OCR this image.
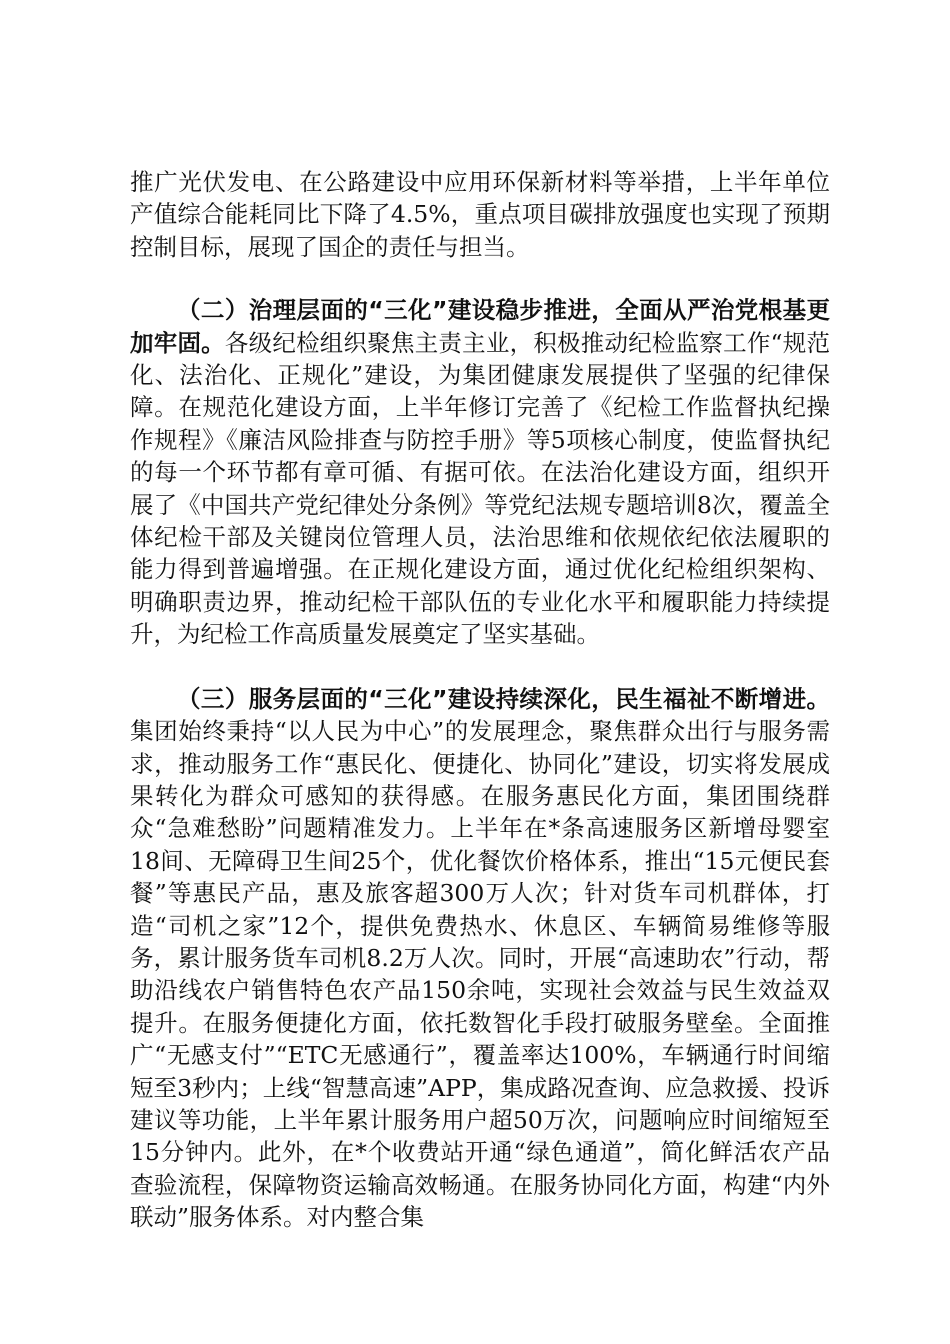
推广光伏发电、在公路建设中应用环保新材料等举措，上半年单位产值综合能耗同比下降了4.5%，重点项目碳排放强度也实现了预期控制目标，展现了国企的责任与担当。

（二）治理层面的“三化”建设稳步推进，全面从严治党根基更加牢固。各级纪检组织聚焦主责主业，积极推动纪检监察工作“规范化、法治化、正规化”建设，为集团健康发展提供了坚强的纪律保障。在规范化建设方面，上半年修订完善了《纪检工作监督执纪操作规程》《廉洁风险排查与防控手册》等5项核心制度，使监督执纪的每一个环节都有章可循、有据可依。在法治化建设方面，组织开展了《中国共产党纪律处分条例》等党纪法规专题培训8次，覆盖全体纪检干部及关键岗位管理人员，法治思维和依规依纪依法履职的能力得到普遍增强。在正规化建设方面，通过优化纪检组织架构、明确职责边界，推动纪检干部队伍的专业化水平和履职能力持续提升，为纪检工作高质量发展奠定了坚实基础。

（三）服务层面的“三化”建设持续深化，民生福祉不断增进。集团始终秉持“以人民为中心”的发展理念，聚焦群众出行与服务需求，推动服务工作“惠民化、便捷化、协同化”建设，切实将发展成果转化为群众可感知的获得感。在服务惠民化方面，集团围绕群众“急难愁盼”问题精准发力。上半年在*条高速服务区新增母婴室18间、无障碍卫生间25个，优化餐饮价格体系，推出“15元便民套餐”等惠民产品，惠及旅客超300万人次；针对货车司机群体，打造“司机之家”12个，提供免费热水、休息区、车辆简易维修等服务，累计服务货车司机8.2万人次。同时，开展“高速助农”行动，帮助沿线农户销售特色农产品150余吨，实现社会效益与民生效益双提升。在服务便捷化方面，依托数智化手段打破服务壁垒。全面推广“无感支付”“ETC无感通行”，覆盖率达100%，车辆通行时间缩短至3秒内；上线“智慧高速”APP，集成路况查询、应急救援、投诉建议等功能，上半年累计服务用户超50万次，问题响应时间缩短至15分钟内。此外，在*个收费站开通“绿色通道”，简化鲜活农产品查验流程，保障物资运输高效畅通。在服务协同化方面，构建“内外联动”服务体系。对内整合集
